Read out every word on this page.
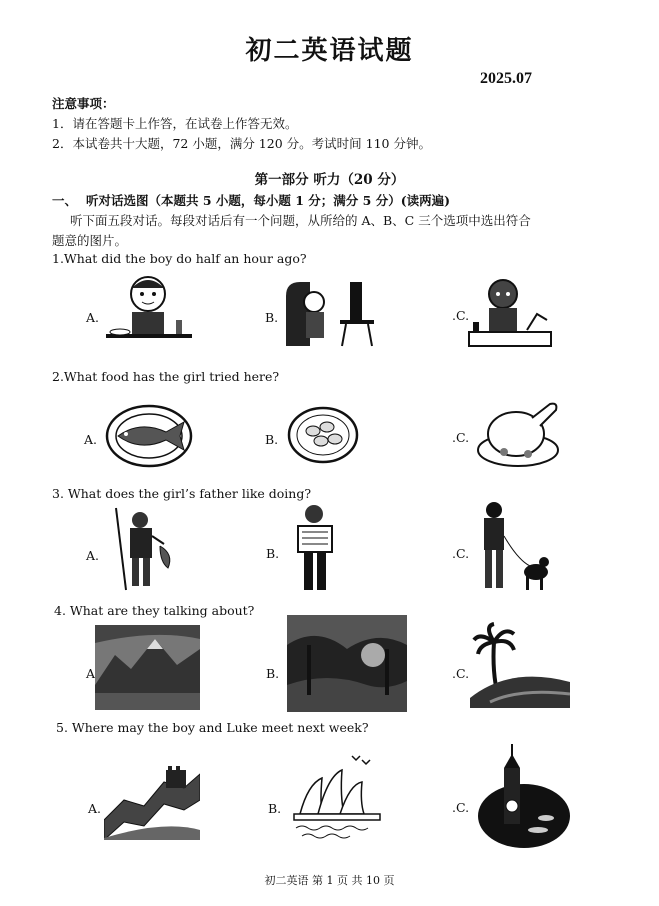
初二英语试题
2025.07
注意事项：
1．请在答题卡上作答，在试卷上作答无效。
2．本试卷共十大题，72 小题，满分 120 分。考试时间 110 分钟。
第一部分 听力（20 分）
一、 听对话选图（本题共 5 小题，每小题 1 分；满分 5 分）(读两遍)
听下面五段对话。每段对话后有一个问题，从所给的 A、B、C 三个选项中选出符合
题意的图片。
1.What did the boy do half an hour ago?
A.	B.	.C.
2.What food has the girl tried here?
A.	B.	.C.
3. What does the girl’s father like doing?
A.	B.	.C.
4. What are they talking about?
A	B.	.C.
5. Where may the boy and Luke meet next week?
A.	B.	.C.
初二英语 第 1 页 共 10 页
